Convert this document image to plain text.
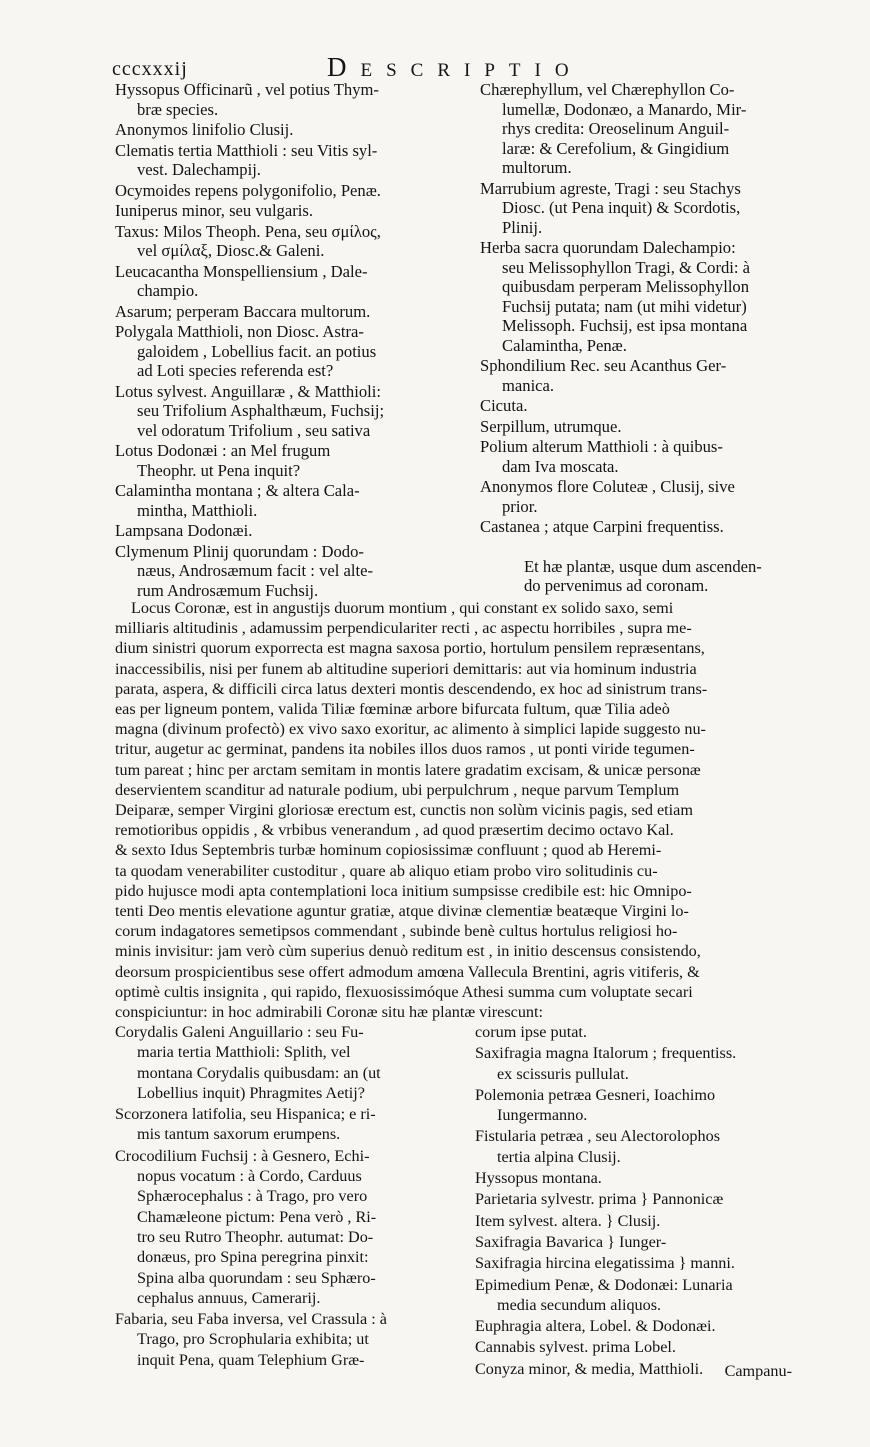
cccxxxij	Descriptio
Hyssopus Officinarũ , vel potius Thym-
bræ species.
Anonymos linifolio Clusij.
Clematis tertia Matthioli : seu Vitis syl-
vest. Dalechampij.
Ocymoides repens polygonifolio, Penæ.
Iuniperus minor, seu vulgaris.
Taxus: Milos Theoph. Pena, seu σμίλος,
vel σμίλαξ, Diosc.& Galeni.
Leucacantha Monspelliensium , Dale-
champio.
Asarum; perperam Baccara multorum.
Polygala Matthioli, non Diosc. Astra-
galoidem , Lobellius facit. an potius
ad Loti species referenda est?
Lotus sylvest. Anguillaræ , & Matthioli:
seu Trifolium Asphalthæum, Fuchsij;
vel odoratum Trifolium , seu sativa
Lotus Dodonæi : an Mel frugum
Theophr. ut Pena inquit?
Calamintha montana ; & altera Cala-
mintha, Matthioli.
Lampsana Dodonæi.
Clymenum Plinij quorundam : Dodo-
næus, Androsæmum facit : vel alte-
rum Androsæmum Fuchsij.
Chærephyllum, vel Chærephyllon Co-
lumellæ, Dodonæo, a Manardo, Mir-
rhys credita: Oreoselinum Anguil-
laræ: & Cerefolium, & Gingidium
multorum.
Marrubium agreste, Tragi : seu Stachys
Diosc. (ut Pena inquit) & Scordotis,
Plinij.
Herba sacra quorundam Dalechampio:
seu Melissophyllon Tragi, & Cordi: à
quibusdam perperam Melissophyllon
Fuchsij putata; nam (ut mihi videtur)
Melissoph. Fuchsij, est ipsa montana
Calamintha, Penæ.
Sphondilium Rec. seu Acanthus Ger-
manica.
Cicuta.
Serpillum, utrumque.
Polium alterum Matthioli : à quibus-
dam Iva moscata.
Anonymos flore Coluteæ , Clusij, sive
prior.
Castanea ; atque Carpini frequentiss.
Et hæ plantæ, usque dum ascenden-
do pervenimus ad coronam.
Locus Coronæ, est in angustijs duorum montium , qui constant ex solido saxo, semi
milliaris altitudinis , adamussim perpendiculariter recti , ac aspectu horribiles , supra me-
dium sinistri quorum exporrecta est magna saxosa portio, hortulum pensilem repræsentans,
inaccessibilis, nisi per funem ab altitudine superiori demittaris: aut via hominum industria
parata, aspera, & difficili circa latus dexteri montis descendendo, ex hoc ad sinistrum trans-
eas per ligneum pontem, valida Tiliæ fœminæ arbore bifurcata fultum, quæ Tilia adeò
magna (divinum profectò) ex vivo saxo exoritur, ac alimento à simplici lapide suggesto nu-
tritur, augetur ac germinat, pandens ita nobiles illos duos ramos , ut ponti viride tegumen-
tum pareat ; hinc per arctam semitam in montis latere gradatim excisam, & unicæ personæ
deservientem scanditur ad naturale podium, ubi perpulchrum , neque parvum Templum
Deiparæ, semper Virgini gloriosæ erectum est, cunctis non solùm vicinis pagis, sed etiam
remotioribus oppidis , & vrbibus venerandum , ad quod præsertim decimo octavo Kal.
& sexto Idus Septembris turbæ hominum copiosissimæ confluunt ; quod ab Heremi-
ta quodam venerabiliter custoditur , quare ab aliquo etiam probo viro solitudinis cu-
pido hujusce modi apta contemplationi loca initium sumpsisse credibile est: hic Omnipo-
tenti Deo mentis elevatione aguntur gratiæ, atque divinæ clementiæ beatæque Virgini lo-
corum indagatores semetipsos commendant , subinde benè cultus hortulus religiosi ho-
minis invisitur: jam verò cùm superius denuò reditum est , in initio descensus consistendo,
deorsum prospicientibus sese offert admodum amœna Vallecula Brentini, agris vitiferis, &
optimè cultis insignita , qui rapido, flexuosissimóque Athesi summa cum voluptate secari
conspiciuntur: in hoc admirabili Coronæ situ hæ plantæ virescunt:
Corydalis Galeni Anguillario : seu Fu-
maria tertia Matthioli: Splith, vel
montana Corydalis quibusdam: an (ut
Lobellius inquit) Phragmites Aetij?
Scorzonera latifolia, seu Hispanica; e ri-
mis tantum saxorum erumpens.
Crocodilium Fuchsij : à Gesnero, Echi-
nopus vocatum : à Cordo, Carduus
Sphærocephalus : à Trago, pro vero
Chamæleone pictum: Pena verò , Ri-
tro seu Rutro Theophr. autumat: Do-
donæus, pro Spina peregrina pinxit:
Spina alba quorundam : seu Sphæro-
cephalus annuus, Camerarij.
Fabaria, seu Faba inversa, vel Crassula : à
Trago, pro Scrophularia exhibita; ut
inquit Pena, quam Telephium Græ-
corum ipse putat.
Saxifragia magna Italorum ; frequentiss.
ex scissuris pullulat.
Polemonia petræa Gesneri, Ioachimo
Iungermanno.
Fistularia petræa , seu Alectorolophos
tertia alpina Clusij.
Hyssopus montana.
Parietaria sylvestr. prima } Pannonicæ
Item sylvest. altera. } Clusij.
Saxifragia Bavarica } Iunger-
Saxifragia hircina elegatissima } manni.
Epimedium Penæ, & Dodonæi: Lunaria
media secundum aliquos.
Euphragia altera, Lobel. & Dodonæi.
Cannabis sylvest. prima Lobel.
Conyza minor, & media, Matthioli.	Campanu-
